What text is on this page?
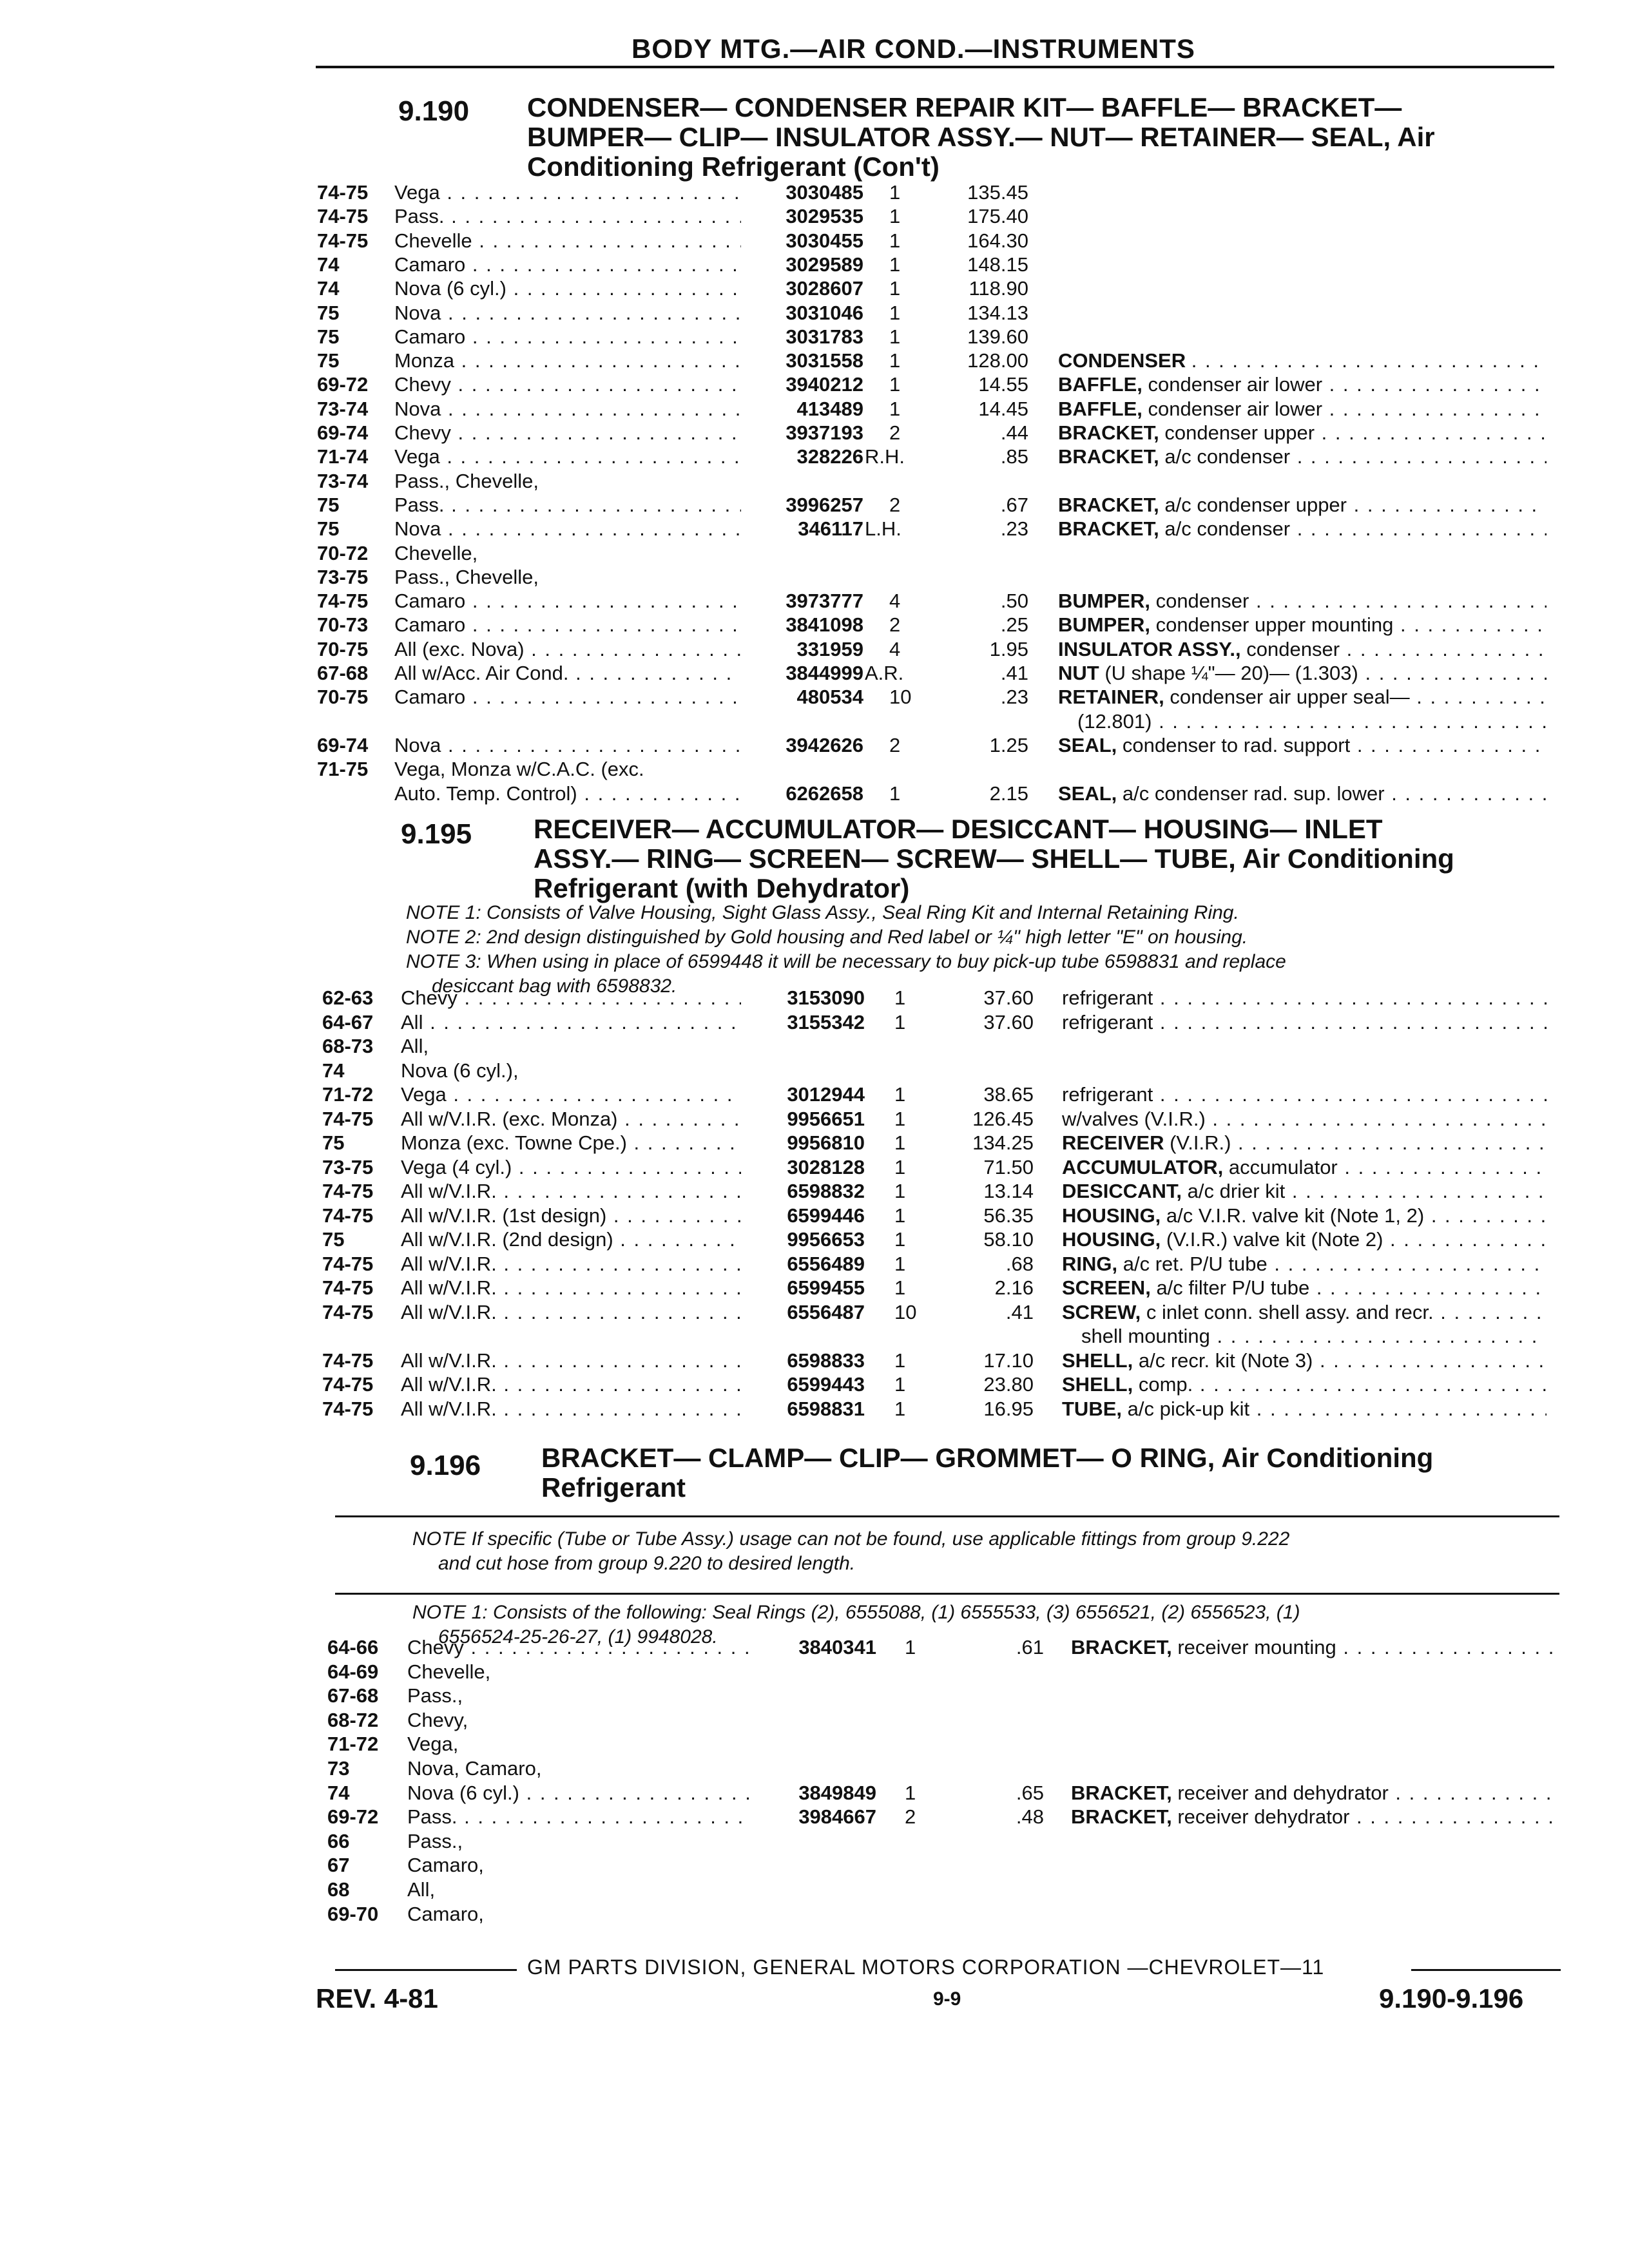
BODY MTG.—AIR COND.—INSTRUMENTS
9.190 CONDENSER— CONDENSER REPAIR KIT— BAFFLE— BRACKET—
BUMPER— CLIP— INSULATOR ASSY.— NUT— RETAINER— SEAL, Air
Conditioning Refrigerant (Con't)
74-75 Vega . . .	3030485 1	135.45
74-75 Pass. . . .	3029535 1	175.40
74-75 Chevelle . . .	3030455 1	164.30
74	Camaro . . .	3029589 1	148.15
74	Nova (6 cyl.) . . .	3028607 1	118.90
75	Nova . . .	3031046 1	134.13
75	Camaro . . .	3031783 1	139.60
75	Monza . . .	3031558 1	128.00 CONDENSER . . .
69-72 Chevy . . .	3940212 1	14.55 BAFFLE, condenser air lower . . .
73-74 Nova . . .	413489 1	14.45 BAFFLE, condenser air lower . . .
69-74 Chevy . . .	3937193 2	.44 BRACKET, condenser upper . . .
71-74 Vega . . .	328226 R.H.	.85 BRACKET, a/c condenser . . .
73-74 Pass., Chevelle,
75	Pass. . . .	3996257 2	.67 BRACKET, a/c condenser upper . . .
75	Nova . . .	346117 L.H.	.23 BRACKET, a/c condenser . . .
70-72 Chevelle,
73-75 Pass., Chevelle,
74-75 Camaro . . .	3973777 4	.50 BUMPER, condenser . . .
70-73 Camaro . . .	3841098 2	.25 BUMPER, condenser upper mounting . . .
70-75 All (exc. Nova) . . .	331959 4	1.95 INSULATOR ASSY., condenser . . .
67-68 All w/Acc. Air Cond. . . .	3844999 A.R.	.41 NUT (U shape ¼"— 20)— (1.303) . . .
70-75 Camaro . . .	480534 10	.23 RETAINER, condenser air upper seal— . . .
(12.801) . . .
69-74 Nova . . .	3942626 2	1.25 SEAL, condenser to rad. support . . .
71-75 Vega, Monza w/C.A.C. (exc.
Auto. Temp. Control) . . .	6262658 1	2.15 SEAL, a/c condenser rad. sup. lower . . .
9.195 RECEIVER— ACCUMULATOR— DESICCANT— HOUSING— INLET
ASSY.— RING— SCREEN— SCREW— SHELL— TUBE, Air Conditioning
Refrigerant (with Dehydrator)
NOTE 1: Consists of Valve Housing, Sight Glass Assy., Seal Ring Kit and Internal Retaining Ring.
NOTE 2: 2nd design distinguished by Gold housing and Red label or ¼" high letter "E" on housing.
NOTE 3: When using in place of 6599448 it will be necessary to buy pick-up tube 6598831 and replace
desiccant bag with 6598832.
62-63 Chevy . . .	3153090 1	37.60 refrigerant . . .
64-67 All . . .	3155342 1	37.60 refrigerant . . .
68-73 All,
74	Nova (6 cyl.),
71-72 Vega . . .	3012944 1	38.65 refrigerant . . .
74-75 All w/V.I.R. (exc. Monza) . . .	9956651 1	126.45 w/valves (V.I.R.) . . .
75	Monza (exc. Towne Cpe.) . . .	9956810 1	134.25 RECEIVER (V.I.R.) . . .
73-75 Vega (4 cyl.) . . .	3028128 1	71.50 ACCUMULATOR, accumulator . . .
74-75 All w/V.I.R. . . .	6598832 1	13.14 DESICCANT, a/c drier kit . . .
74-75 All w/V.I.R. (1st design) . . .	6599446 1	56.35 HOUSING, a/c V.I.R. valve kit (Note 1, 2) . . .
75	All w/V.I.R. (2nd design) . . .	9956653 1	58.10 HOUSING, (V.I.R.) valve kit (Note 2) . . .
74-75 All w/V.I.R. . . .	6556489 1	.68 RING, a/c ret. P/U tube . . .
74-75 All w/V.I.R. . . .	6599455 1	2.16 SCREEN, a/c filter P/U tube . . .
74-75 All w/V.I.R. . . .	6556487 10	.41 SCREW, c inlet conn. shell assy. and recr. . . .
shell mounting . . .
74-75 All w/V.I.R. . . .	6598833 1	17.10 SHELL, a/c recr. kit (Note 3) . . .
74-75 All w/V.I.R. . . .	6599443 1	23.80 SHELL, comp. . . .
74-75 All w/V.I.R. . . .	6598831 1	16.95 TUBE, a/c pick-up kit . . .
9.196 BRACKET— CLAMP— CLIP— GROMMET— O RING, Air Conditioning
Refrigerant
NOTE If specific (Tube or Tube Assy.) usage can not be found, use applicable fittings from group 9.222
and cut hose from group 9.220 to desired length.
NOTE 1: Consists of the following: Seal Rings (2), 6555088, (1) 6555533, (3) 6556521, (2) 6556523, (1)
6556524-25-26-27, (1) 9948028.
64-66 Chevy . . .	3840341 1	.61 BRACKET, receiver mounting . . .
64-69 Chevelle,
67-68 Pass.,
68-72 Chevy,
71-72 Vega,
73	Nova, Camaro,
74	Nova (6 cyl.) . . .	3849849 1	.65 BRACKET, receiver and dehydrator . . .
69-72 Pass. . . .	3984667 2	.48 BRACKET, receiver dehydrator . . .
66	Pass.,
67	Camaro,
68	All,
69-70 Camaro,
GM PARTS DIVISION, GENERAL MOTORS CORPORATION —CHEVROLET—11
REV. 4-81	9-9	9.190-9.196
